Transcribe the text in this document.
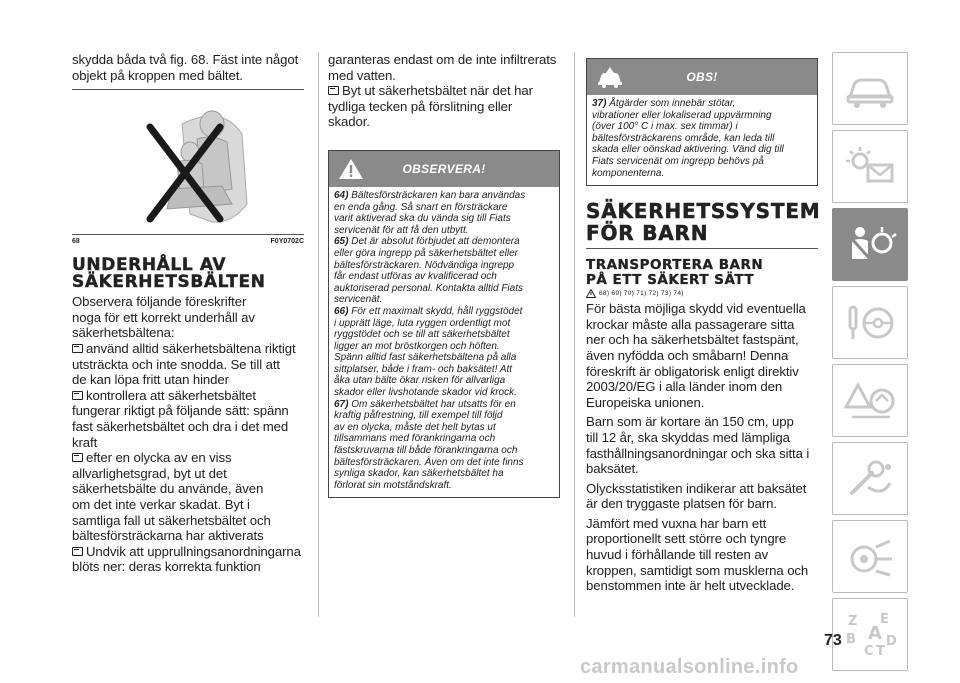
skydda båda två fig. 68. Fäst inte något
objekt på kroppen med bältet.
68	F0Y0702C
UNDERHÅLL AV
SÄKERHETSBÄLTEN
Observera följande föreskrifter
noga för ett korrekt underhåll av
säkerhetsbältena:
använd alltid säkerhetsbältena riktigt
utsträckta och inte snodda. Se till att
de kan löpa fritt utan hinder
kontrollera att säkerhetsbältet
fungerar riktigt på följande sätt: spänn
fast säkerhetsbältet och dra i det med
kraft
efter en olycka av en viss
allvarlighetsgrad, byt ut det
säkerhetsbälte du använde, även
om det inte verkar skadat. Byt i
samtliga fall ut säkerhetsbältet och
bältesförsträckarna har aktiverats
Undvik att upprullningsanordningarna
blöts ner: deras korrekta funktion
garanteras endast om de inte infiltrerats
med vatten.
Byt ut säkerhetsbältet när det har
tydliga tecken på förslitning eller
skador.
OBSERVERA!
64) Bältesförsträckaren kan bara användas
en enda gång. Så snart en försträckare
varit aktiverad ska du vända sig till Fiats
servicenät för att få den utbytt.
65) Det är absolut förbjudet att demontera
eller göra ingrepp på säkerhetsbältet eller
bältesförsträckaren. Nödvändiga ingrepp
får endast utföras av kvalificerad och
auktoriserad personal. Kontakta alltid Fiats
servicenät.
66) För ett maximalt skydd, håll ryggstödet
i upprätt läge, luta ryggen ordentligt mot
ryggstödet och se till att säkerhetsbältet
ligger an mot bröstkorgen och höften.
Spänn alltid fast säkerhetsbältena på alla
sittplatser, både i fram- och baksätet! Att
åka utan bälte ökar risken för allvarliga
skador eller livshotande skador vid krock.
67) Om säkerhetsbältet har utsatts för en
kraftig påfrestning, till exempel till följd
av en olycka, måste det helt bytas ut
tillsammans med förankringarna och
fästskruvarna till både förankringarna och
bältesförsträckaren. Även om det inte finns
synliga skador, kan säkerhetsbältet ha
förlorat sin motståndskraft.
OBS!
37) Åtgärder som innebär stötar,
vibrationer eller lokaliserad uppvärmning
(över 100° C i max. sex timmar) i
bältesförsträckarens område, kan leda till
skada eller oönskad aktivering. Vänd dig till
Fiats servicenät om ingrepp behövs på
komponenterna.
SÄKERHETSSYSTEM
FÖR BARN
TRANSPORTERA BARN
PÅ ETT SÄKERT SÄTT
68) 69) 70) 71) 72) 73) 74)
För bästa möjliga skydd vid eventuella
krockar måste alla passagerare sitta
ner och ha säkerhetsbältet fastspänt,
även nyfödda och småbarn! Denna
föreskrift är obligatorisk enligt direktiv
2003/20/EG i alla länder inom den
Europeiska unionen.
Barn som är kortare än 150 cm, upp
till 12 år, ska skyddas med lämpliga
fasthållningsanordningar och ska sitta i
baksätet.
Olycksstatistiken indikerar att baksätet
är den tryggaste platsen för barn.
Jämfört med vuxna har barn ett
proportionellt sett större och tyngre
huvud i förhållande till resten av
kroppen, samtidigt som musklerna och
benstommen inte är helt utvecklade.
Z E
B
C
A
T
D
73
carmanualsonline.info
